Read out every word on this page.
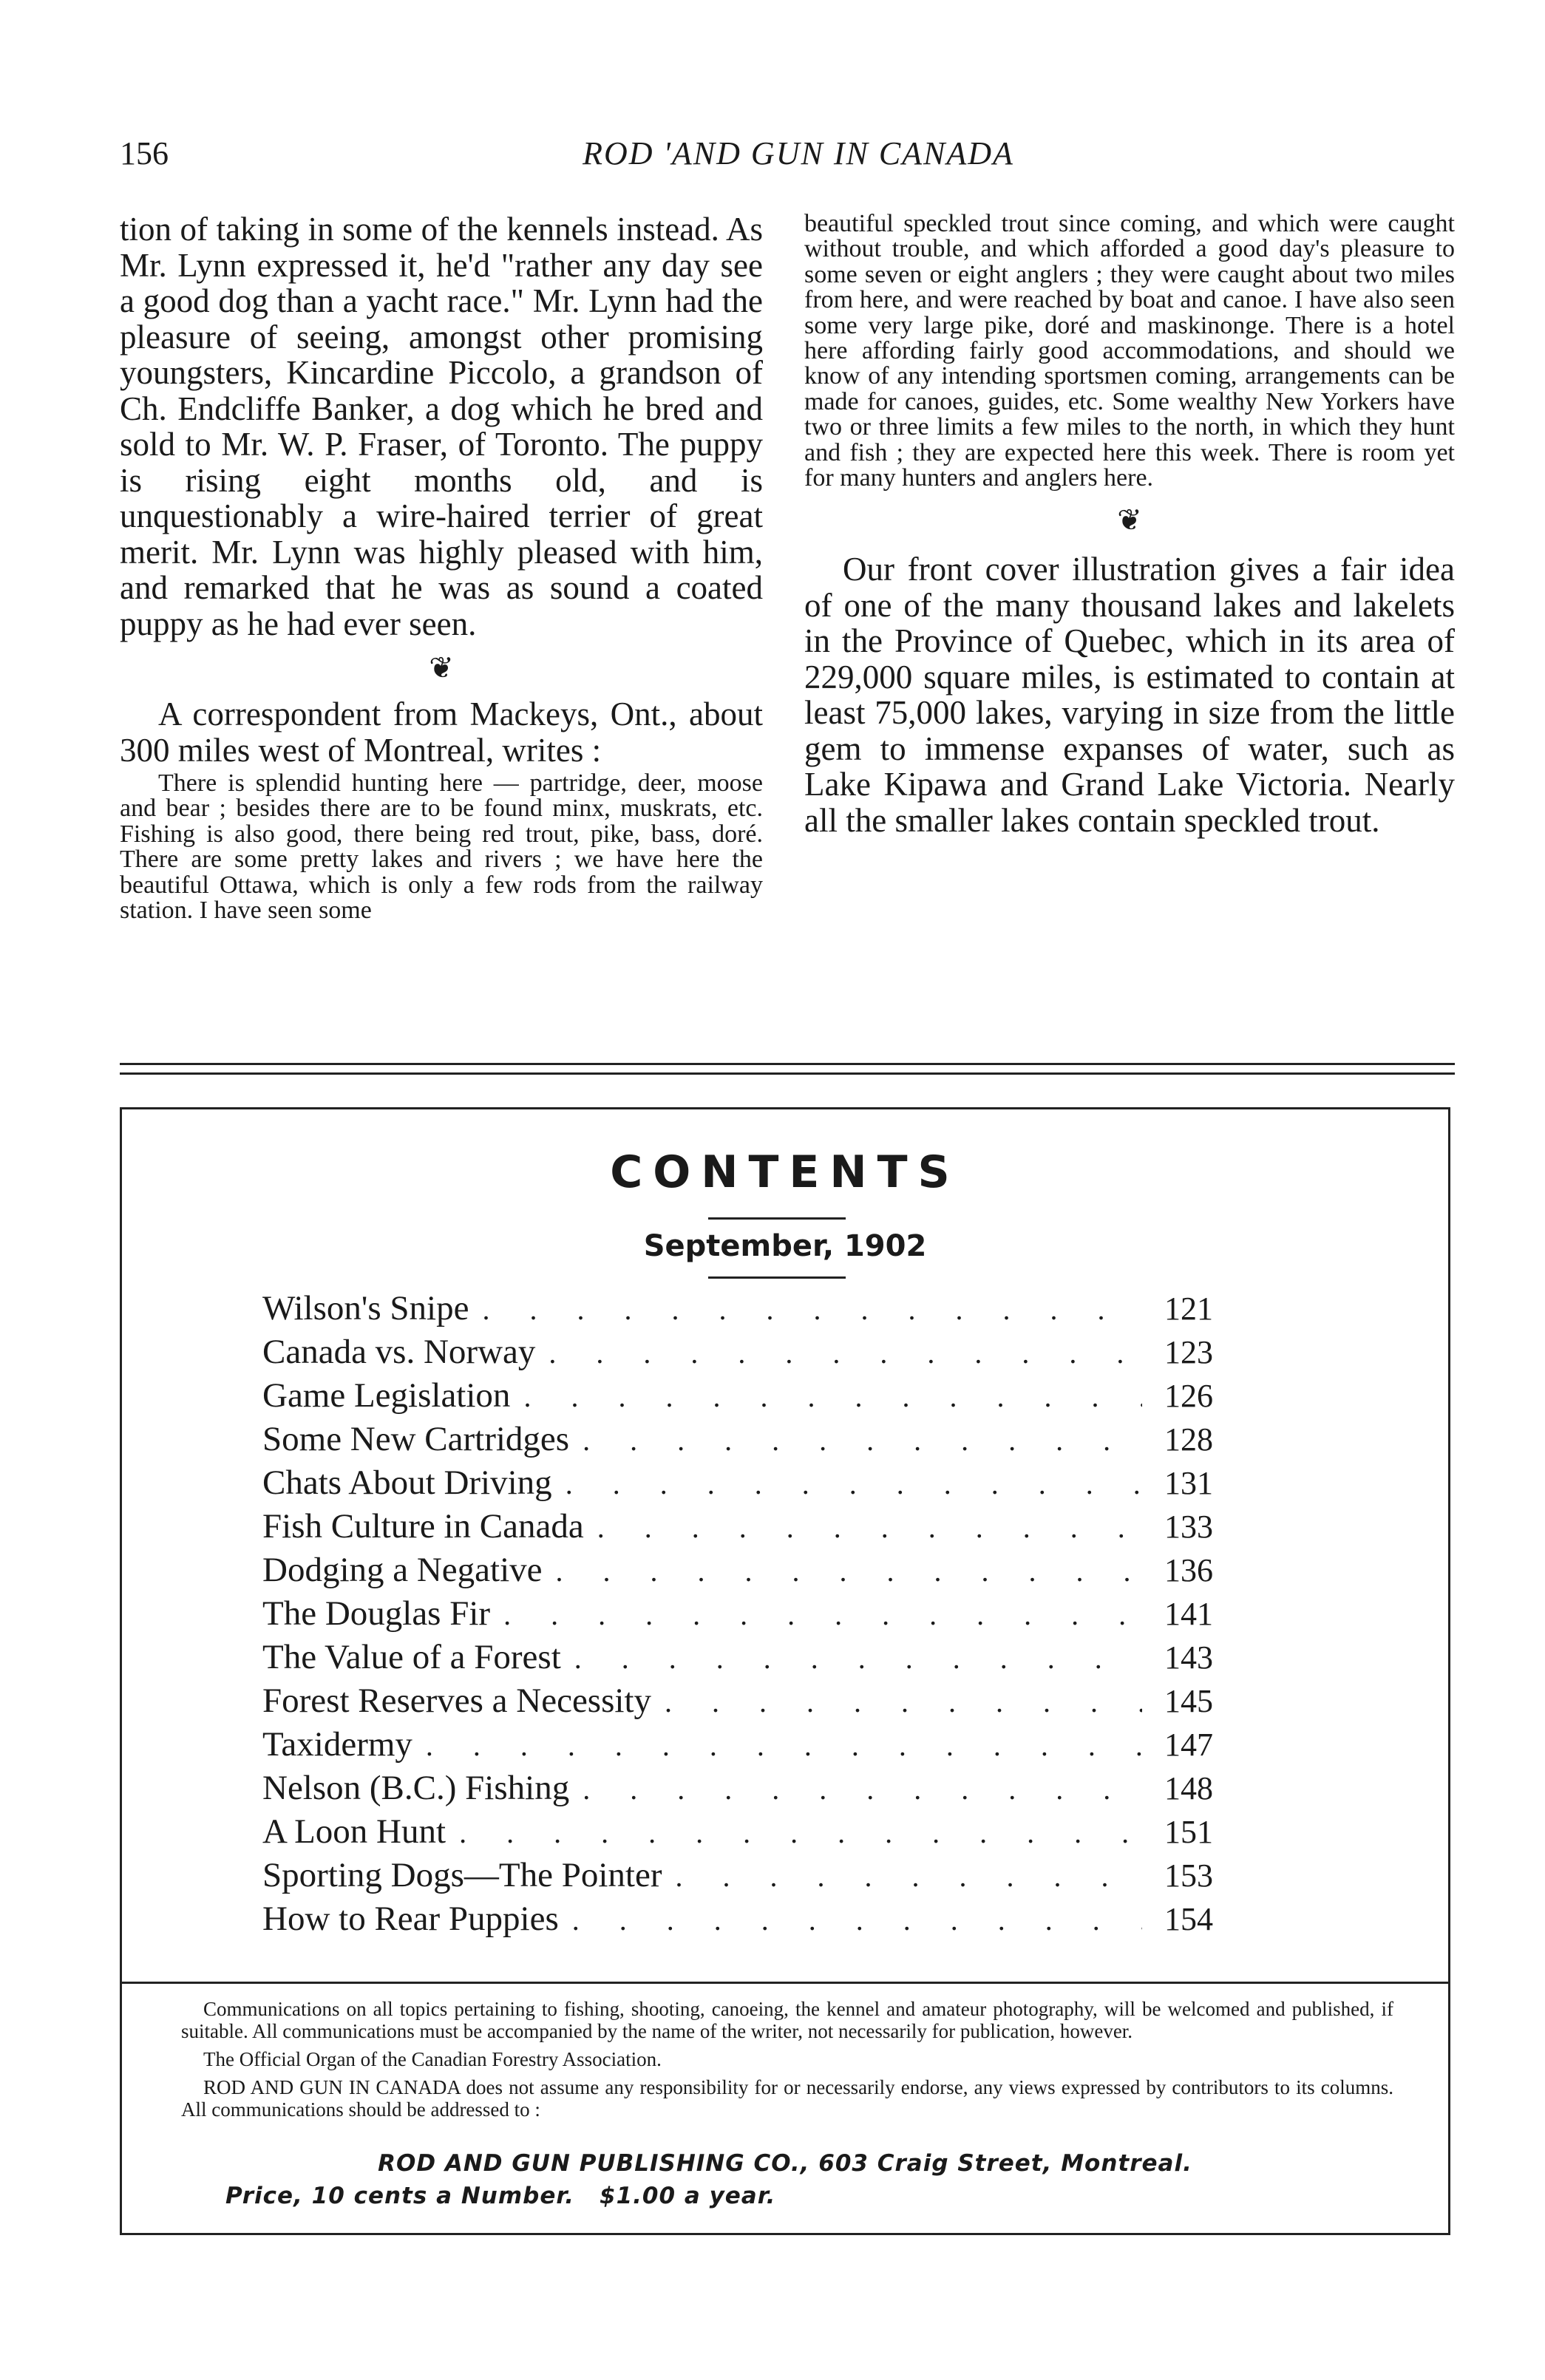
156	ROD 'AND GUN IN CANADA

tion of taking in some of the kennels instead. As Mr. Lynn expressed it, he'd "rather any day see a good dog than a yacht race." Mr. Lynn had the pleasure of seeing, amongst other promising youngsters, Kincardine Piccolo, a grandson of Ch. Endcliffe Banker, a dog which he bred and sold to Mr. W. P. Fraser, of Toronto. The puppy is rising eight months old, and is unquestionably a wire-haired terrier of great merit. Mr. Lynn was highly pleased with him, and remarked that he was as sound a coated puppy as he had ever seen.

❦

A correspondent from Mackeys, Ont., about 300 miles west of Montreal, writes :

There is splendid hunting here — partridge, deer, moose and bear ; besides there are to be found minx, muskrats, etc. Fishing is also good, there being red trout, pike, bass, doré. There are some pretty lakes and rivers ; we have here the beautiful Ottawa, which is only a few rods from the railway station. I have seen some

beautiful speckled trout since coming, and which were caught without trouble, and which afforded a good day's pleasure to some seven or eight anglers ; they were caught about two miles from here, and were reached by boat and canoe. I have also seen some very large pike, doré and maskinonge. There is a hotel here affording fairly good accommodations, and should we know of any intending sportsmen coming, arrangements can be made for canoes, guides, etc. Some wealthy New Yorkers have two or three limits a few miles to the north, in which they hunt and fish ; they are expected here this week. There is room yet for many hunters and anglers here.

❦

Our front cover illustration gives a fair idea of one of the many thousand lakes and lakelets in the Province of Quebec, which in its area of 229,000 square miles, is estimated to contain at least 75,000 lakes, varying in size from the little gem to immense expanses of water, such as Lake Kipawa and Grand Lake Victoria. Nearly all the smaller lakes contain speckled trout.

CONTENTS
September, 1902
Wilson's Snipe . . .	121
Canada vs. Norway . . .	123
Game Legislation . . .	126
Some New Cartridges . . .	128
Chats About Driving . . .	131
Fish Culture in Canada . . .	133
Dodging a Negative . . .	136
The Douglas Fir . . .	141
The Value of a Forest . . .	143
Forest Reserves a Necessity . . .	145
Taxidermy . . .	147
Nelson (B.C.) Fishing . . .	148
A Loon Hunt . . .	151
Sporting Dogs—The Pointer . . .	153
How to Rear Puppies . . .	154

Communications on all topics pertaining to fishing, shooting, canoeing, the kennel and amateur photography, will be welcomed and published, if suitable. All communications must be accompanied by the name of the writer, not necessarily for publication, however.

The Official Organ of the Canadian Forestry Association.

ROD AND GUN IN CANADA does not assume any responsibility for or necessarily endorse, any views expressed by contributors to its columns. All communications should be addressed to :

ROD AND GUN PUBLISHING CO., 603 Craig Street, Montreal.
Price, 10 cents a Number. $1.00 a year.
